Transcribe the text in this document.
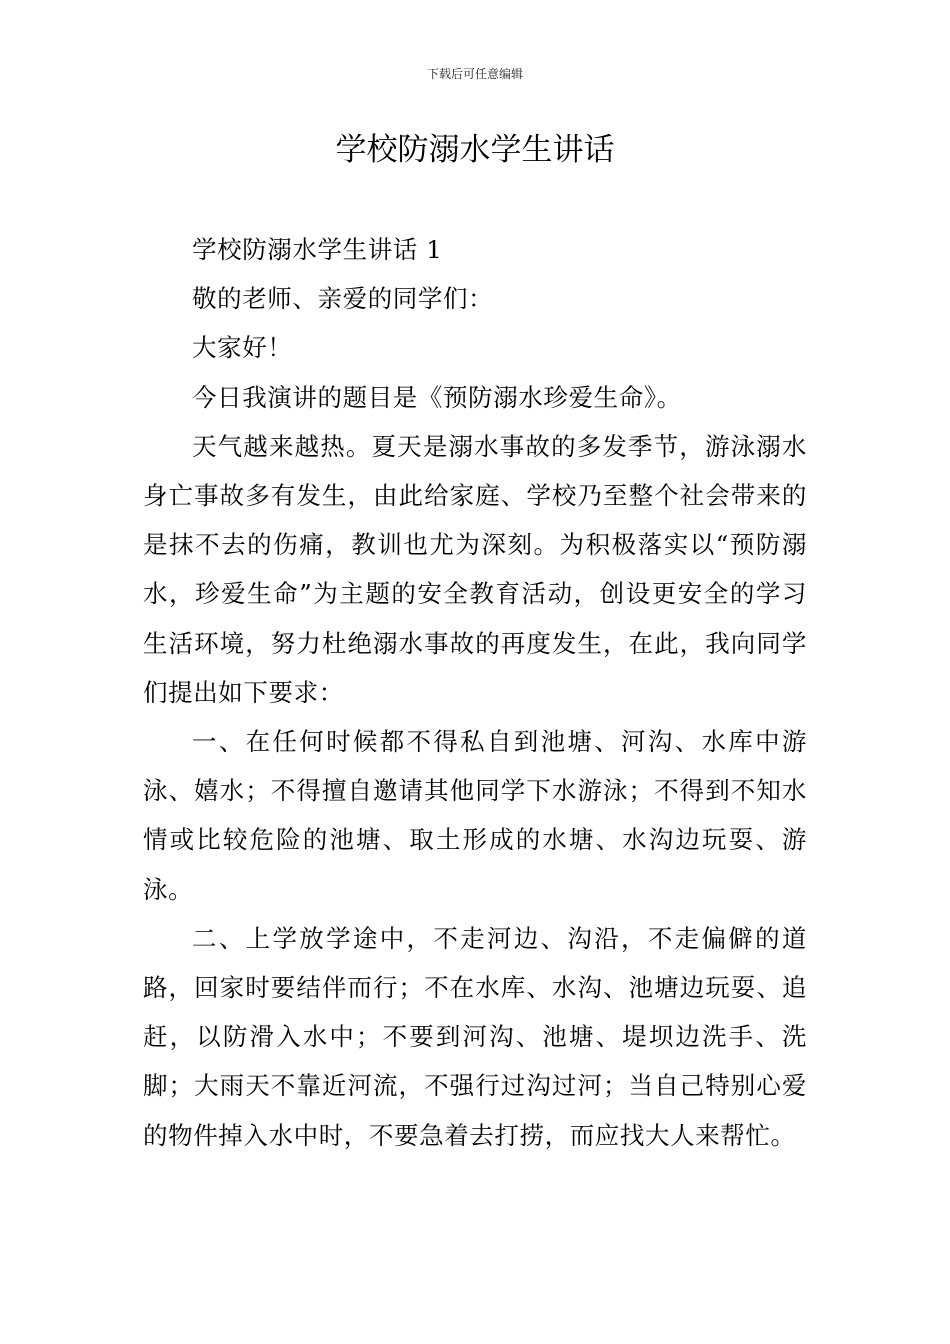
下载后可任意编辑
学校防溺水学生讲话

学校防溺水学生讲话 1

敬的老师、亲爱的同学们：

大家好！

今日我演讲的题目是《预防溺水珍爱生命》。

天气越来越热。夏天是溺水事故的多发季节，游泳溺水身亡事故多有发生，由此给家庭、学校乃至整个社会带来的是抹不去的伤痛，教训也尤为深刻。为积极落实以“预防溺水，珍爱生命”为主题的安全教育活动，创设更安全的学习生活环境，努力杜绝溺水事故的再度发生，在此，我向同学们提出如下要求：

一、在任何时候都不得私自到池塘、河沟、水库中游泳、嬉水；不得擅自邀请其他同学下水游泳；不得到不知水情或比较危险的池塘、取土形成的水塘、水沟边玩耍、游泳。

二、上学放学途中，不走河边、沟沿，不走偏僻的道路，回家时要结伴而行；不在水库、水沟、池塘边玩耍、追赶，以防滑入水中；不要到河沟、池塘、堤坝边洗手、洗脚；大雨天不靠近河流，不强行过沟过河；当自己特别心爱的物件掉入水中时，不要急着去打捞，而应找大人来帮忙。
